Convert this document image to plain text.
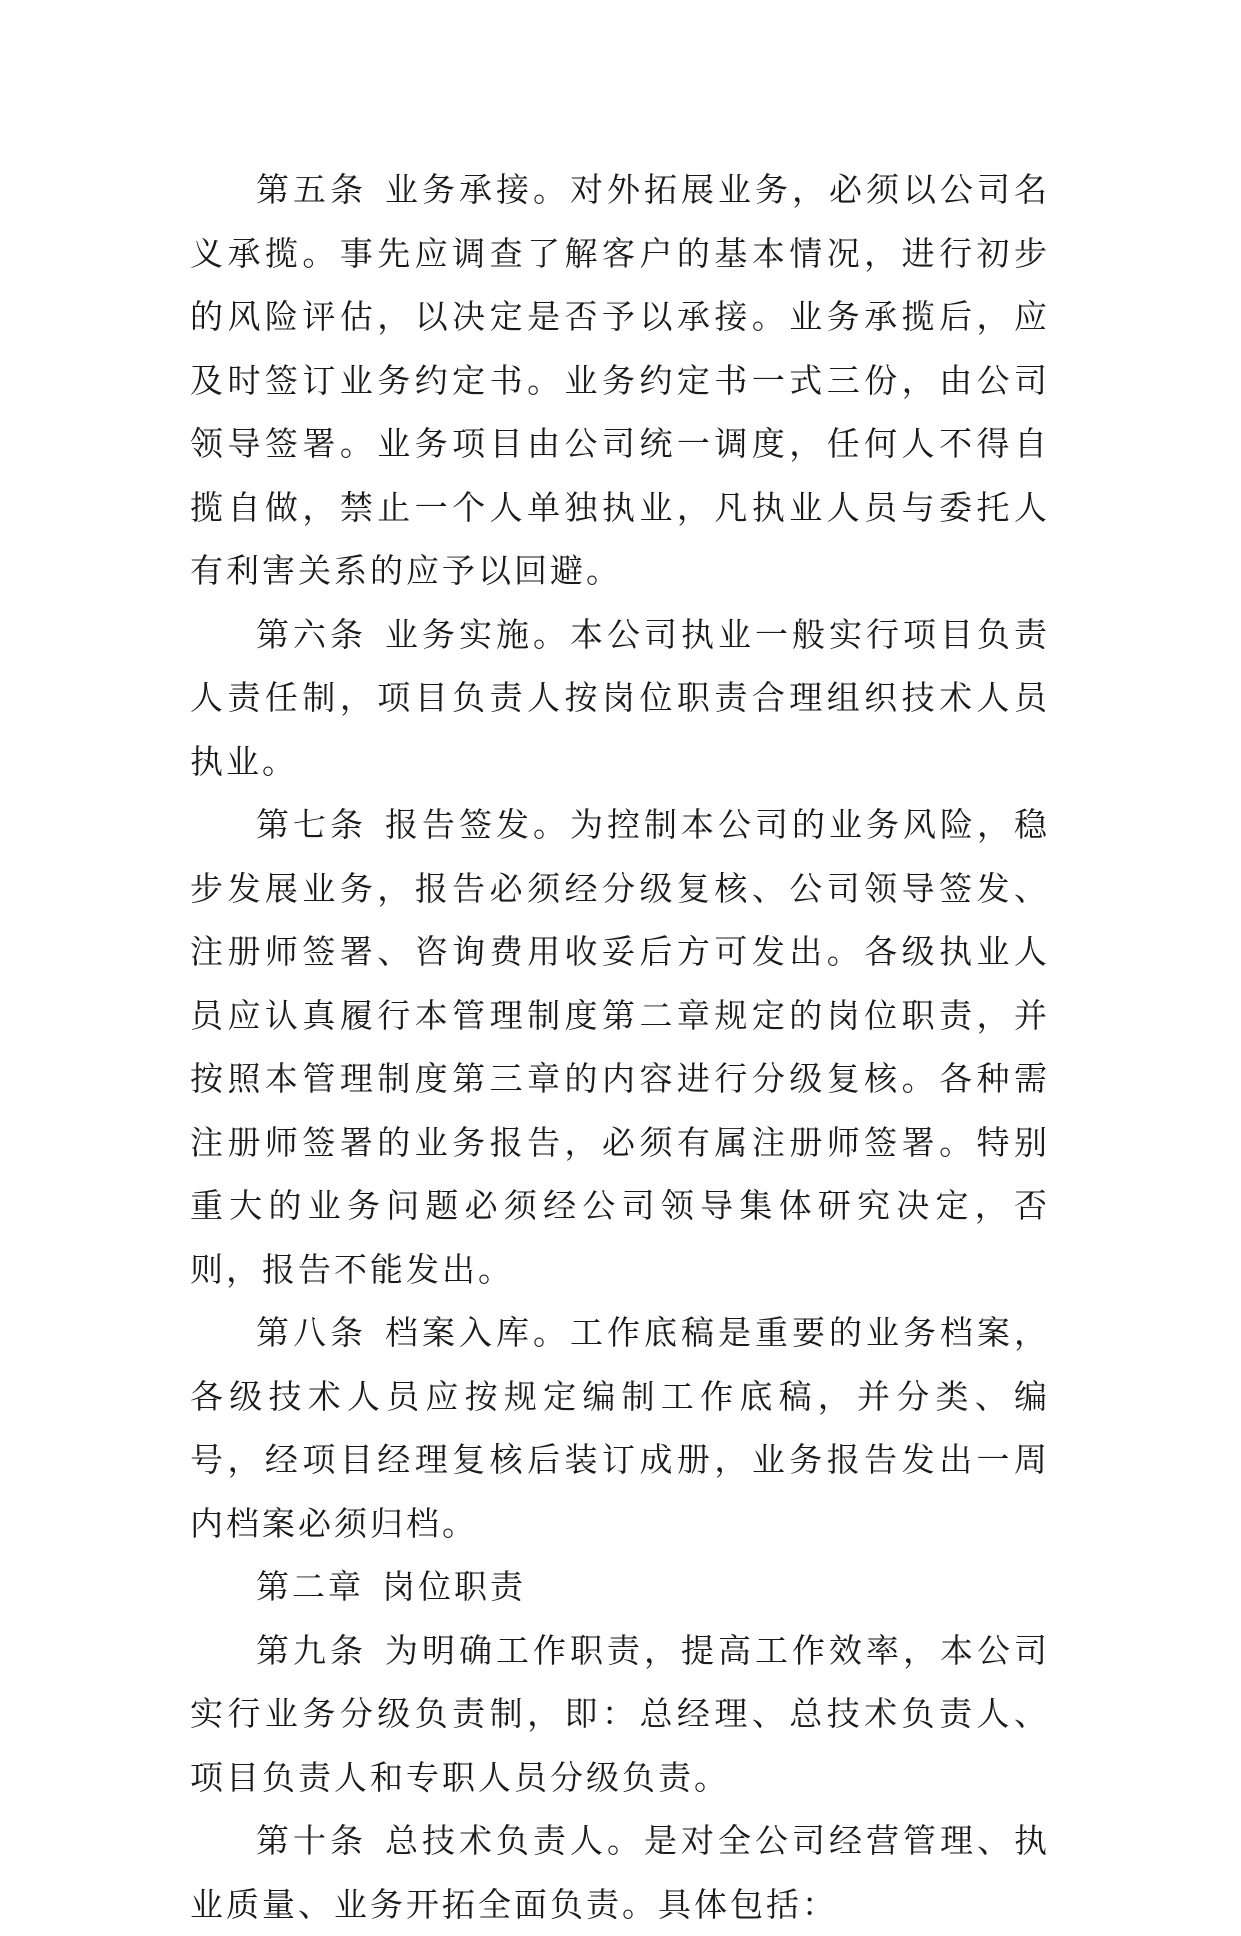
第五条 业务承接。对外拓展业务，必须以公司名义承揽。事先应调查了解客户的基本情况，进行初步的风险评估，以决定是否予以承接。业务承揽后，应及时签订业务约定书。业务约定书一式三份，由公司领导签署。业务项目由公司统一调度，任何人不得自揽自做，禁止一个人单独执业，凡执业人员与委托人有利害关系的应予以回避。

第六条 业务实施。本公司执业一般实行项目负责人责任制，项目负责人按岗位职责合理组织技术人员执业。

第七条 报告签发。为控制本公司的业务风险，稳步发展业务，报告必须经分级复核、公司领导签发、注册师签署、咨询费用收妥后方可发出。各级执业人员应认真履行本管理制度第二章规定的岗位职责，并按照本管理制度第三章的内容进行分级复核。各种需注册师签署的业务报告，必须有属注册师签署。特别重大的业务问题必须经公司领导集体研究决定，否则，报告不能发出。

第八条 档案入库。工作底稿是重要的业务档案，各级技术人员应按规定编制工作底稿，并分类、编号，经项目经理复核后装订成册，业务报告发出一周内档案必须归档。

第二章 岗位职责

第九条 为明确工作职责，提高工作效率，本公司实行业务分级负责制，即：总经理、总技术负责人、项目负责人和专职人员分级负责。

第十条 总技术负责人。是对全公司经营管理、执业质量、业务开拓全面负责。具体包括：
